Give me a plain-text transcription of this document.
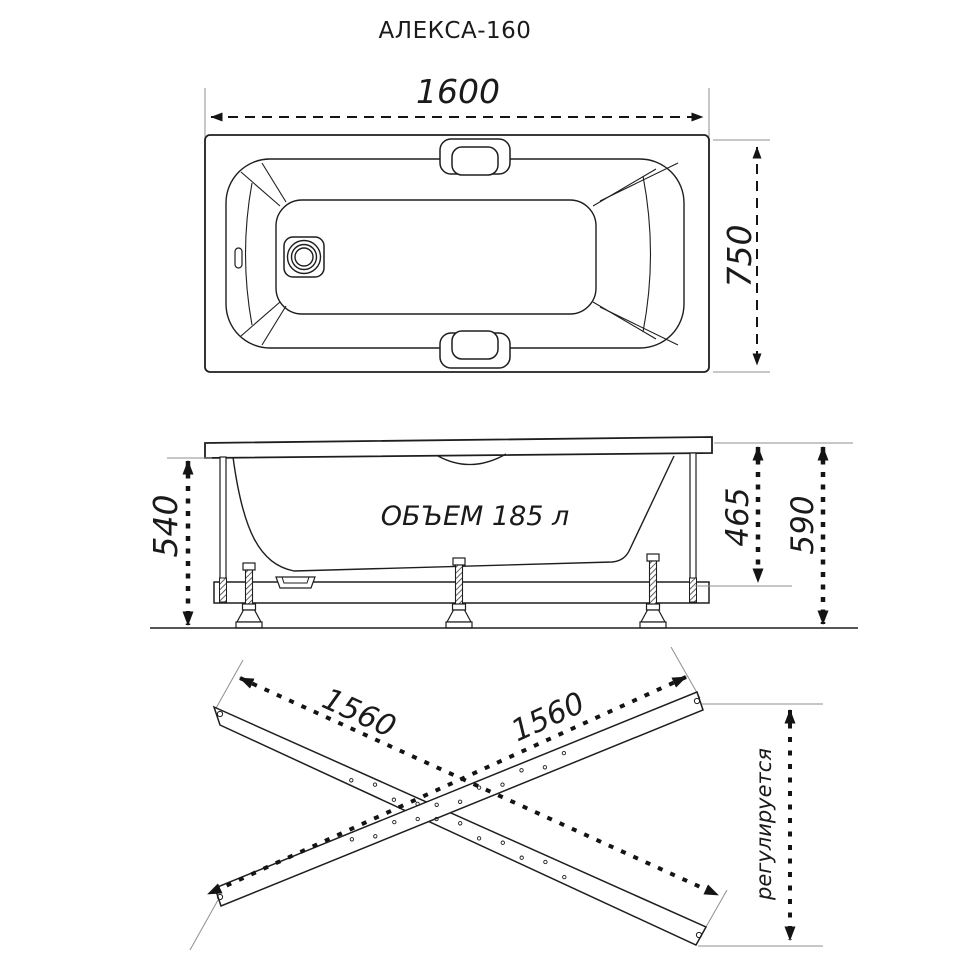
АЛЕКСА-160
1600
750
ОБЪЕМ 185 л
540	465 590
1560	1560
регулируется
